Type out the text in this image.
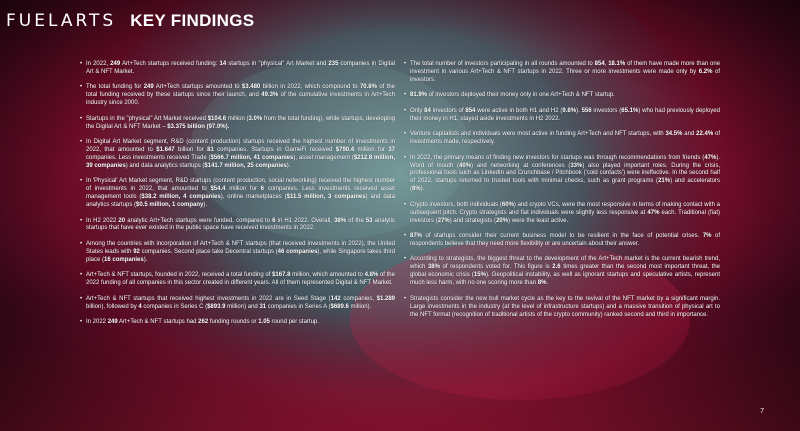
FUELARTS KEY FINDINGS
• In 2022, 249 Art+Tech startups received funding: 14 startups in "physical" Art Market and 235 companies in Digital Art & NFT Market.
• The total funding for 249 Art+Tech startups amounted to $3.480 billion in 2022, which compound to 70.8% of the total funding received by these startups since their launch, and 49.3% of the cumulative investments in Art+Tech industry since 2000.
• Startups in the "physical" Art Market received $104.6 million (3.0% from the total funding), while startups, developing the Digital Art & NFT Market – $3.375 billion (97.0%).
• In Digital Art Market segment, R&D (content production) startups received the highest number of investments in 2022, that amounted to $1.647 billion for 81 companies. Startups in GameFi received $790.4 million for 37 companies. Less investments received Trade ($566.7 million, 41 companies), asset management ($212.8 million, 39 companies) and data analytics startups ($141.7 million, 25 companies).
• In 'Physical' Art Market segment, R&D startups (content production, social networking) received the highest number of investments in 2022, that amounted to $54.4 million for 6 companies. Less investments received asset management tools ($38.2 million, 4 companies), online marketplaces ($11.5 million, 3 companies) and data analytics startups ($0.5 million, 1 company).
• In H2 2022 20 analytic Art+Tech startups were funded, compared to 6 in H1 2022. Overall, 38% of the 53 analytic startups that have ever existed in the public space have received investments in 2022.
• Among the countries with incorporation of Art+Tech & NFT startups (that received investments in 2022), the United States leads with 92 companies. Second place take Decentral startups (46 companies), while Singapore takes third place (16 companies).
• Art+Tech & NFT startups, founded in 2022, received a total funding of $167.8 million, which amounted to 4.8% of the 2022 funding of all companies in this sector created in different years. All of them represented Digital & NFT Market.
• Art+Tech & NFT startups that received highest investments in 2022 are in Seed Stage (142 companies, $1.289 billion), followed by 4 companies in Series C ($893.9 million) and 31 companies in Series A ($689.6 million).
• In 2022 249 Art+Tech & NFT startups had 262 funding rounds or 1.05 round per startup.
• The total number of investors participating in all rounds amounted to 854, 18.1% of them have made more than one investment in various Art+Tech & NFT startups in 2022. Three or more investments were made only by 6.2% of investors.
• 81.9% of investors deployed their money only in one Art+Tech & NFT startup.
• Only 84 investors of 854 were active in both H1 and H2 (9.8%). 556 investors (65.1%) who had previously deployed their money in H1, stayed aside investments in H2 2022.
• Venture capitalists and individuals were most active in funding Art+Tech and NFT startups, with 34.5% and 22.4% of investments made, respectively.
• In 2022, the primary means of finding new investors for startups was through recommendations from friends (47%). Word of mouth (40%) and networking at conferences (33%) also played important roles. During the crisis, professional tools such as LinkedIn and Crunchbase / Pitchbook ('cold contacts') were ineffective. In the second half of 2022, startups returned to trusted tools with minimal checks, such as grant programs (21%) and accelerators (8%).
• Crypto investors, both individuals (60%) and crypto VCs, were the most responsive in terms of making contact with a subsequent pitch. Crypto strategists and fiat individuals were slightly less responsive at 47% each. Traditional (fiat) investors (27%) and strategists (20%) were the least active.
• 87% of startups consider their current business model to be resilient in the face of potential crises. 7% of respondents believe that they need more flexibility or are uncertain about their answer.
• According to strategists, the biggest threat to the development of the Art+Tech market is the current bearish trend, which 38% of respondents voted for. This figure is 2.6 times greater than the second most important threat, the global economic crisis (15%). Geopolitical instability, as well as ignorant startups and speculative artists, represent much less harm, with no one scoring more than 8%.
• Strategists consider the new bull market cycle as the key to the revival of the NFT market by a significant margin. Large investments in the industry (at the level of infrastructure startups) and a massive transition of physical art to the NFT format (recognition of traditional artists of the crypto community) ranked second and third in importance.
7
